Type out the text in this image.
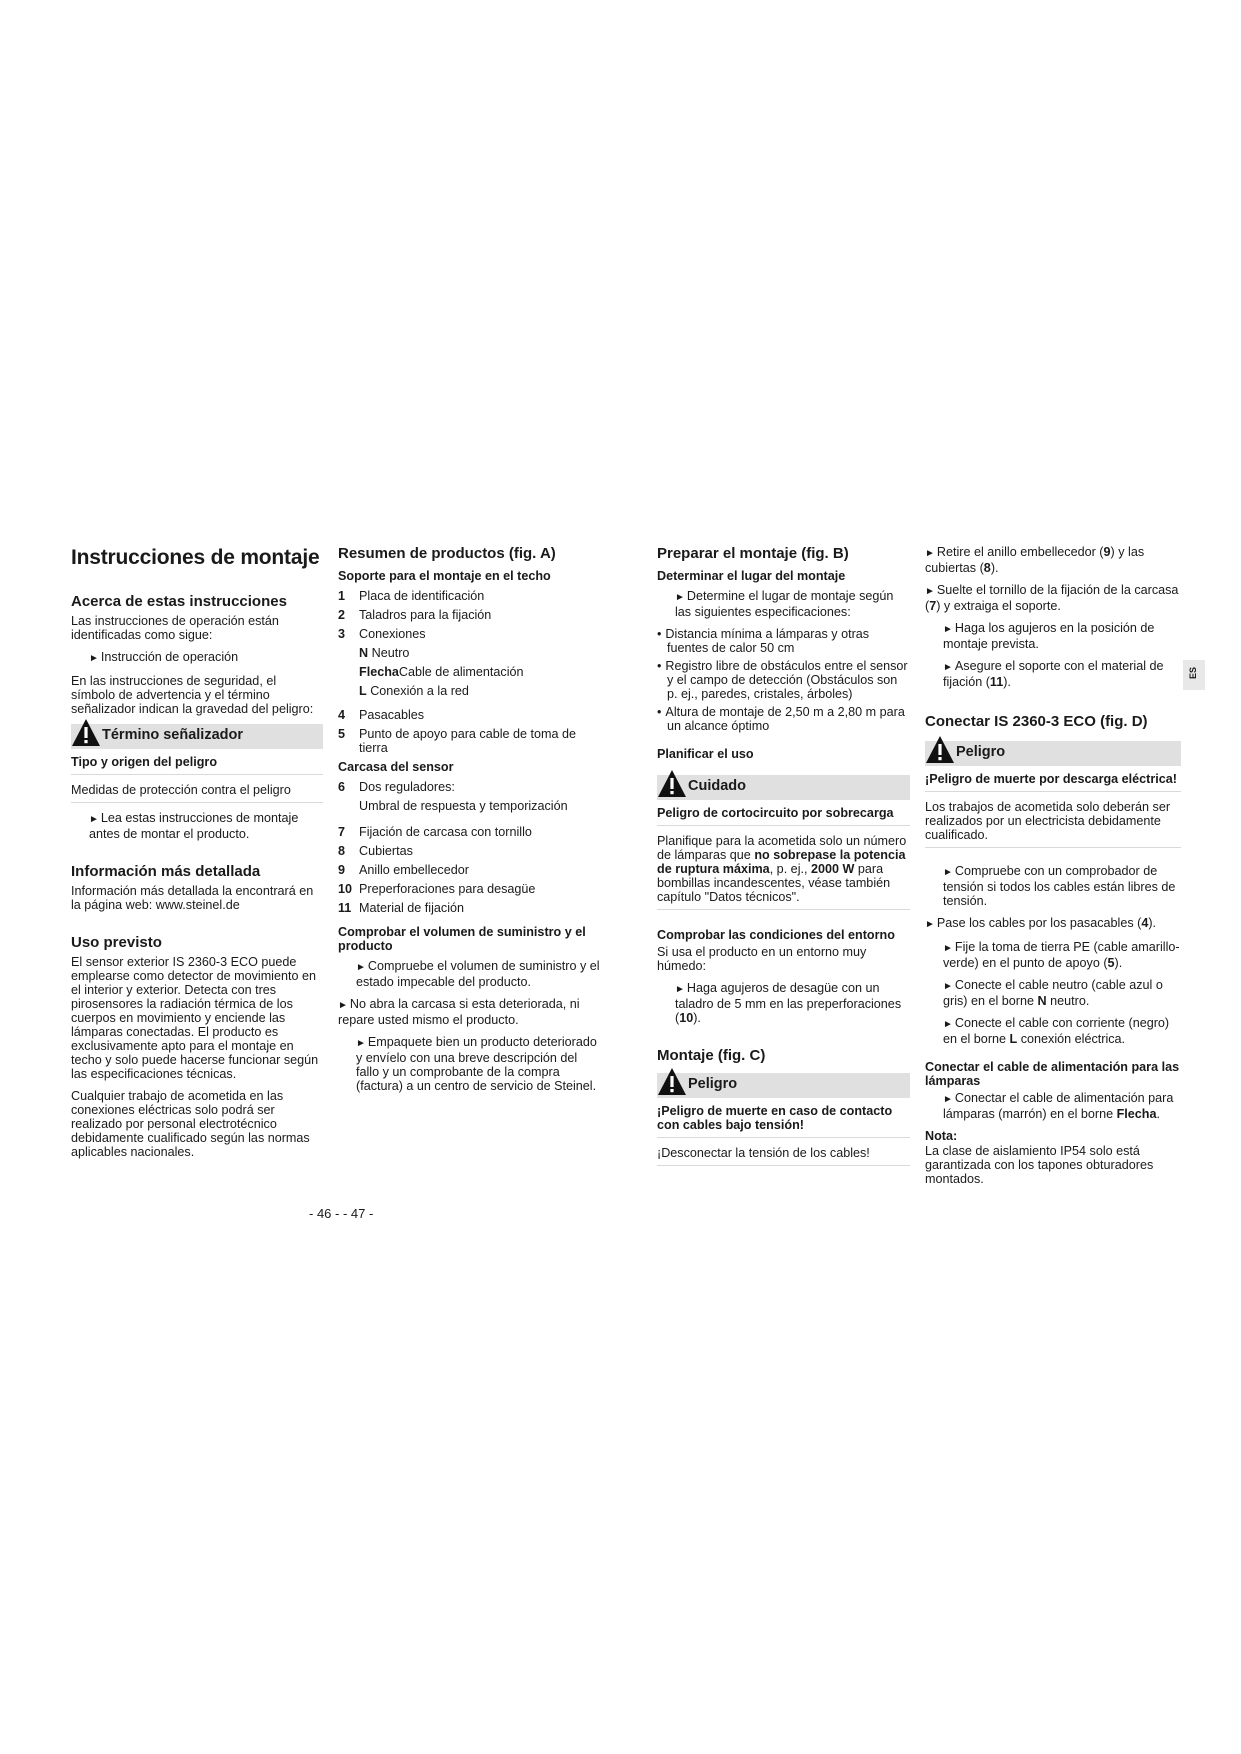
Instrucciones de montaje
Acerca de estas instrucciones

Las instrucciones de operación están identificadas como sigue:

► Instrucción de operación

En las instrucciones de seguridad, el símbolo de advertencia y el término señalizador indican la gravedad del peligro:

Término señalizador
Tipo y origen del peligro

Medidas de protección contra el peligro

► Lea estas instrucciones de montaje antes de montar el producto.
Información más detallada

Información más detallada la encontrará en la página web: www.steinel.de

Uso previsto

El sensor exterior IS 2360-3 ECO puede emplearse como detector de movimiento en el interior y exterior. Detecta con tres pirosensores la radiación térmica de los cuerpos en movimiento y enciende las lámparas conectadas. El producto es exclusivamente apto para el montaje en techo y solo puede hacerse funcionar según las especificaciones técnicas.

Cualquier trabajo de acometida en las conexiones eléctricas solo podrá ser realizado por personal electrotécnico debidamente cualificado según las normas aplicables nacionales.

Resumen de productos (fig. A)
Soporte para el montaje en el techo
1	Placa de identificación
2	Taladros para la fijación
3	Conexiones
N Neutro
FlechaCable de alimentación
L Conexión a la red
4	Pasacables
5	Punto de apoyo para cable de toma de tierra
Carcasa del sensor
6	Dos reguladores:
Umbral de respuesta y temporización
7	Fijación de carcasa con tornillo
8	Cubiertas
9	Anillo embellecedor
10 Preperforaciones para desagüe
11 Material de fijación
Comprobar el volumen de suministro y el producto
► Compruebe el volumen de suministro y el estado impecable del producto.
► No abra la carcasa si esta deteriorada, ni repare usted mismo el producto.
► Empaquete bien un producto deteriorado y envíelo con una breve descripción del fallo y un comprobante de la compra (factura) a un centro de servicio de Steinel.
Preparar el montaje (fig. B)
Determinar el lugar del montaje
► Determine el lugar de montaje según las siguientes especificaciones:
• Distancia mínima a lámparas y otras fuentes de calor 50 cm
• Registro libre de obstáculos entre el sensor y el campo de detección (Obstáculos son p. ej., paredes, cristales, árboles)
• Altura de montaje de 2,50 m a 2,80 m para un alcance óptimo
Planificar el uso
Cuidado
Peligro de cortocircuito por sobrecarga

Planifique para la acometida solo un número de lámparas que no sobrepase la potencia de ruptura máxima, p. ej., 2000 W para bombillas incandescentes, véase también capítulo "Datos técnicos".

Comprobar las condiciones del entorno

Si usa el producto en un entorno muy húmedo:

► Haga agujeros de desagüe con un taladro de 5 mm en las preperforaciones (10).
Montaje (fig. C)
Peligro
¡Peligro de muerte en caso de contacto con cables bajo tensión!

¡Desconectar la tensión de los cables!

► Retire el anillo embellecedor (9) y las cubiertas (8).
► Suelte el tornillo de la fijación de la carcasa (7) y extraiga el soporte.
► Haga los agujeros en la posición de montaje prevista.
► Asegure el soporte con el material de fijación (11).
Conectar IS 2360-3 ECO (fig. D)
Peligro
¡Peligro de muerte por descarga eléctrica!

Los trabajos de acometida solo deberán ser realizados por un electricista debidamente cualificado.

► Compruebe con un comprobador de tensión si todos los cables están libres de tensión.
► Pase los cables por los pasacables (4).
► Fije la toma de tierra PE (cable amarillo-verde) en el punto de apoyo (5).
► Conecte el cable neutro (cable azul o gris) en el borne N neutro.
► Conecte el cable con corriente (negro) en el borne L conexión eléctrica.
Conectar el cable de alimentación para las lámparas
► Conectar el cable de alimentación para lámparas (marrón) en el borne Flecha.
Nota:

La clase de aislamiento IP54 solo está garantizada con los tapones obturadores montados.

ES
- 46 - - 47 -
